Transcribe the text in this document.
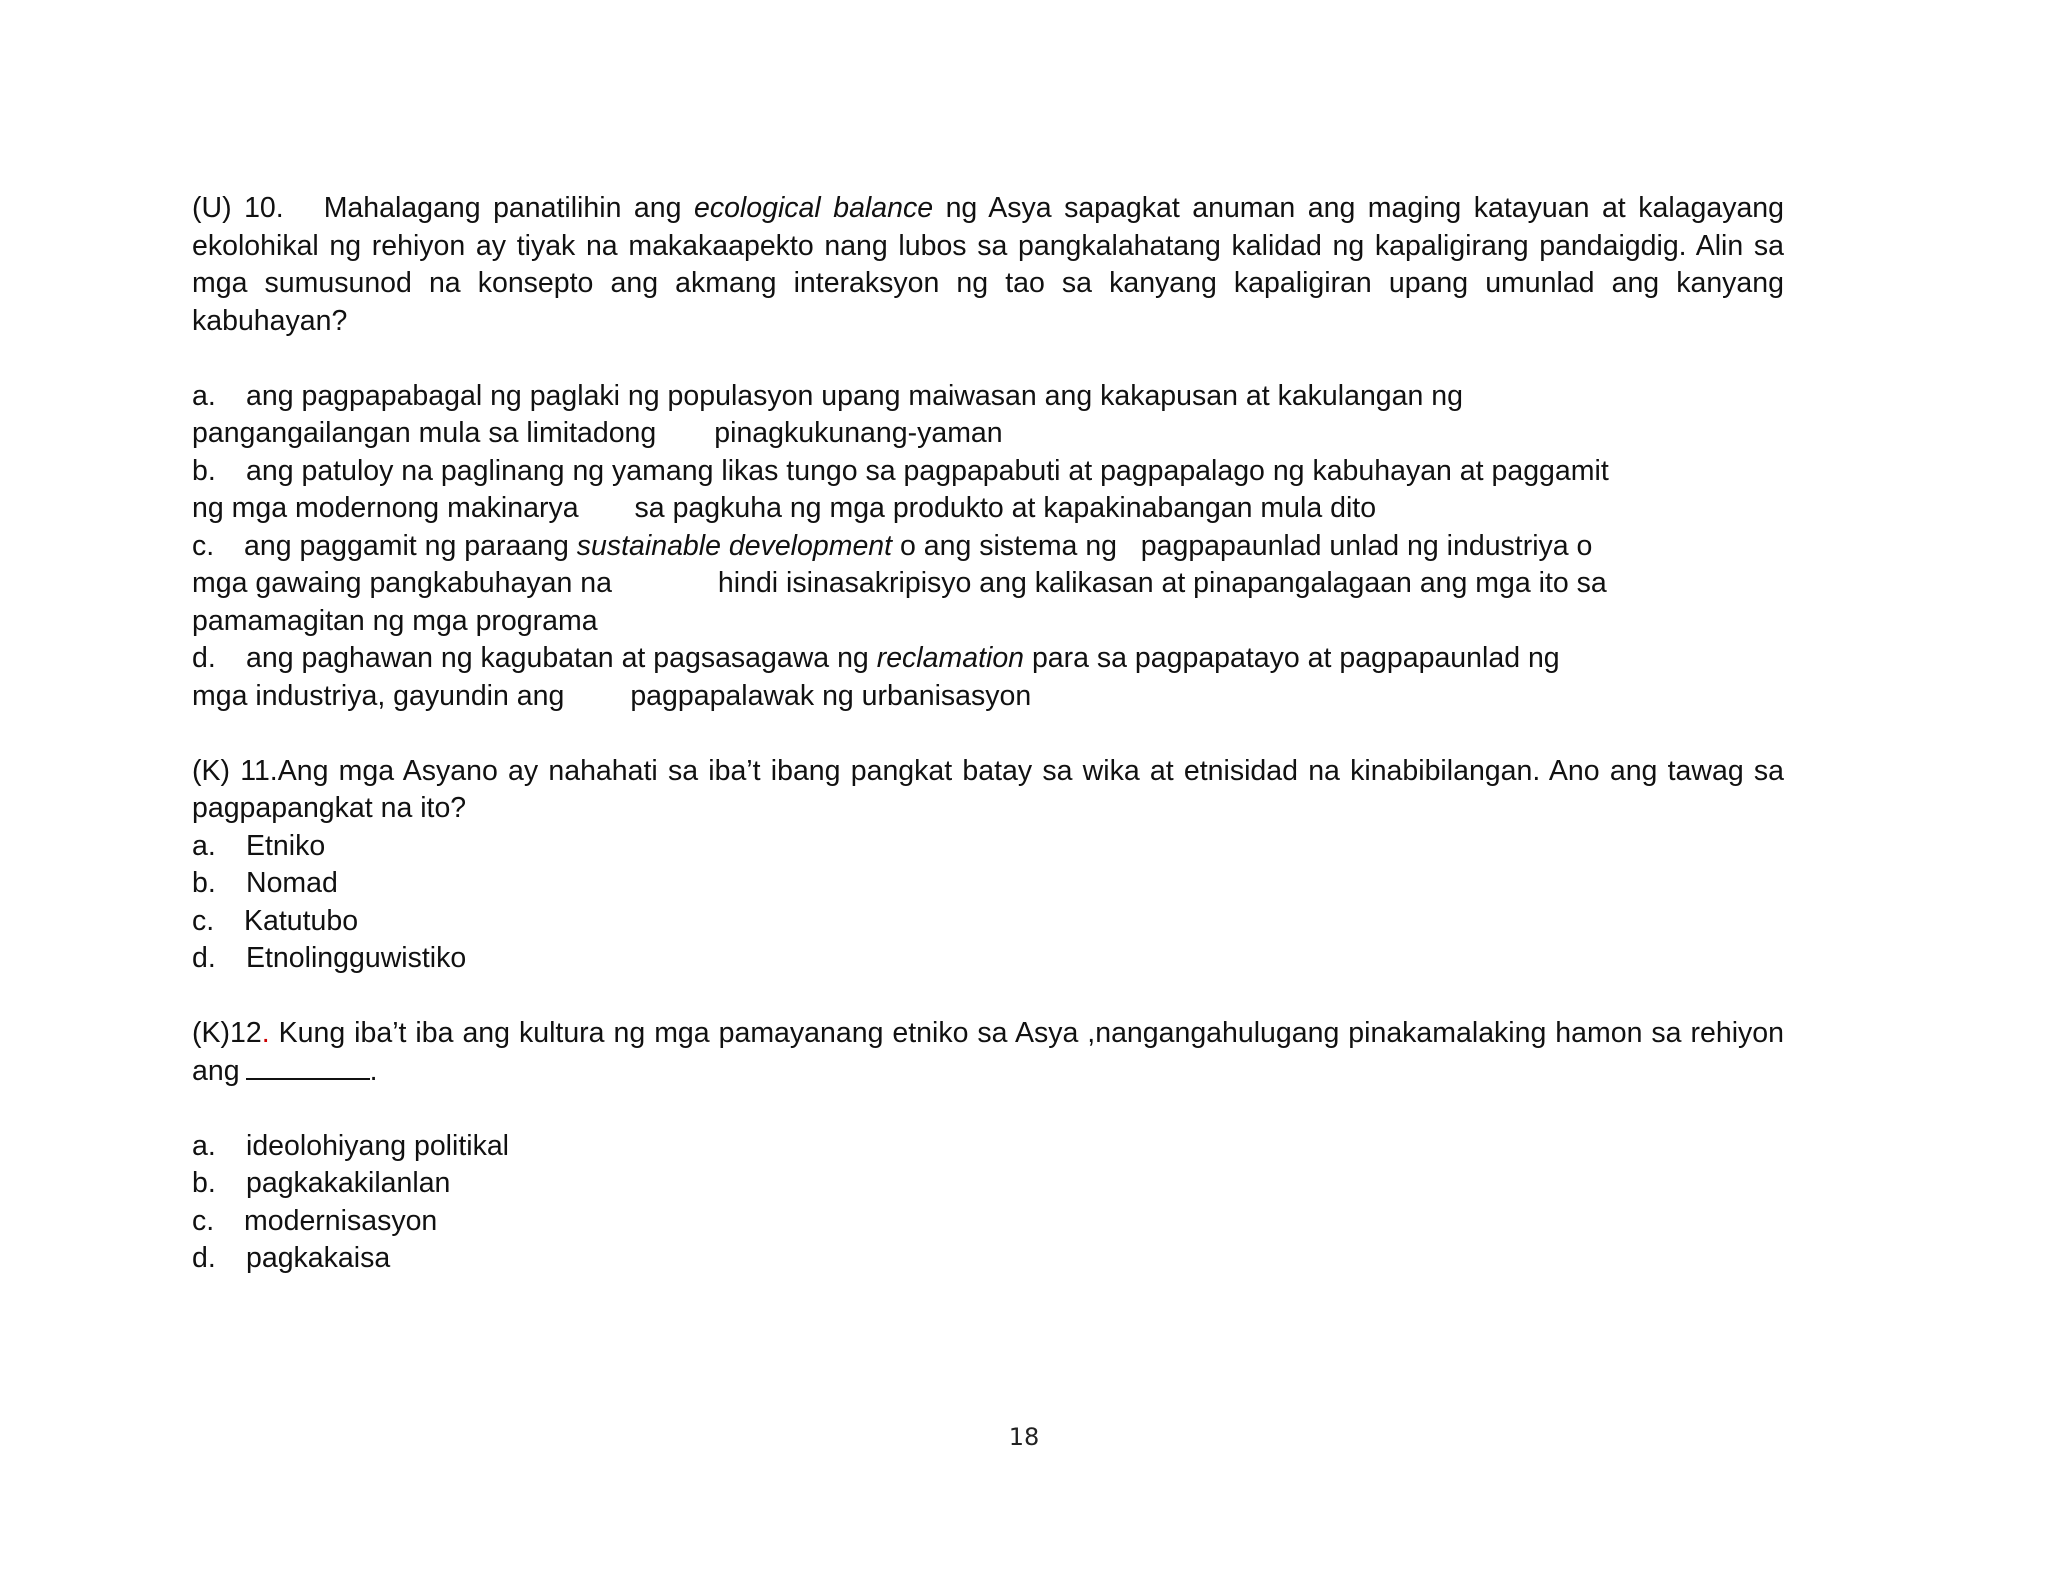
(U) 10. Mahalagang panatilihin ang ecological balance ng Asya sapagkat anuman ang maging katayuan at kalagayang ekolohikal ng rehiyon ay tiyak na makakaapekto nang lubos sa pangkalahatang kalidad ng kapaligirang pandaigdig. Alin sa mga sumusunod na konsepto ang akmang interaksyon ng tao sa kanyang kapaligiran upang umunlad ang kanyang kabuhayan?

a. ang pagpapabagal ng paglaki ng populasyon upang maiwasan ang kakapusan at kakulangan ng

pangangailangan mula sa limitadong pinagkukunang-yaman

b. ang patuloy na paglinang ng yamang likas tungo sa pagpapabuti at pagpapalago ng kabuhayan at paggamit

ng mga modernong makinarya sa pagkuha ng mga produkto at kapakinabangan mula dito

c. ang paggamit ng paraang sustainable development o ang sistema ng   pagpapaunlad unlad ng industriya o

mga gawaing pangkabuhayan na	hindi isinasakripisyo ang kalikasan at pinapangalagaan ang mga ito sa

pamamagitan ng mga programa

d. ang paghawan ng kagubatan at pagsasagawa ng reclamation para sa pagpapatayo at pagpapaunlad ng

mga industriya, gayundin ang pagpapalawak ng urbanisasyon

(K) 11.Ang mga Asyano ay nahahati sa iba’t ibang pangkat batay sa wika at etnisidad na kinabibilangan. Ano ang tawag sa pagpapangkat na ito?

a. Etniko

b. Nomad

c. Katutubo

d. Etnolingguwistiko

(K)12. Kung iba’t iba ang kultura ng mga pamayanang etniko sa Asya ,nangangahulugang pinakamalaking hamon sa rehiyon ang	.

a. ideolohiyang politikal

b. pagkakakilanlan

c. modernisasyon

d. pagkakaisa

18
